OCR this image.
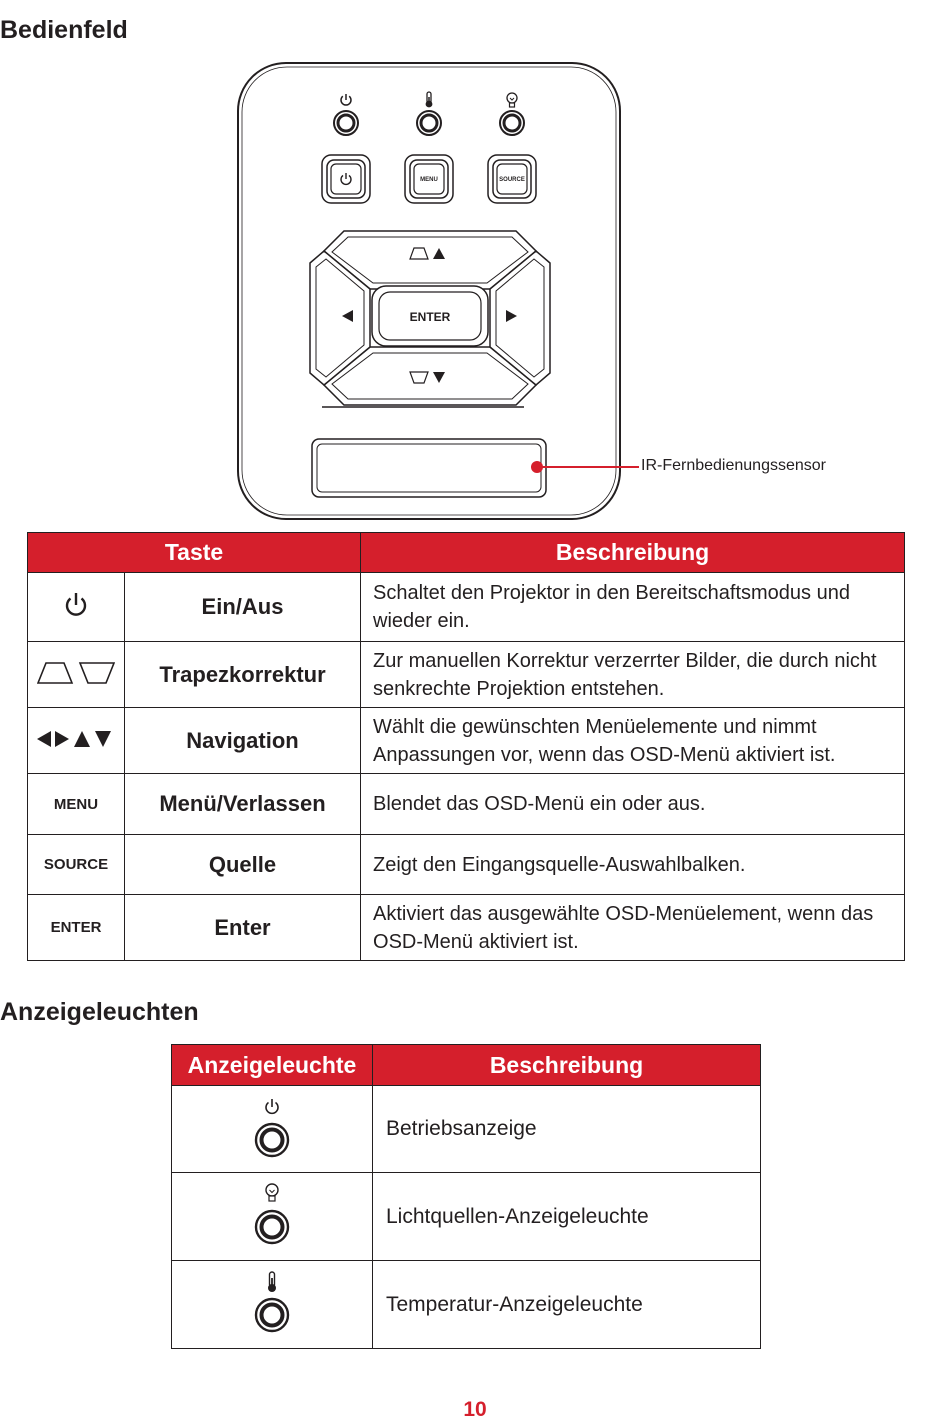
Bedienfeld
MENU	SOURCE
ENTER
IR-Fernbedienungssensor
Taste		Beschreibung
	Ein/Aus	Schaltet den Projektor in den Bereitschaftsmodus und wieder ein.
	Trapezkorrektur	Zur manuellen Korrektur verzerrter Bilder, die durch nicht senkrechte Projektion entstehen.
	Navigation	Wählt die gewünschten Menüelemente und nimmt Anpassungen vor, wenn das OSD-Menü aktiviert ist.
MENU	Menü/Verlassen	Blendet das OSD-Menü ein oder aus.
SOURCE	Quelle	Zeigt den Eingangsquelle-Auswahlbalken.
ENTER	Enter	Aktiviert das ausgewählte OSD-Menüelement, wenn das OSD-Menü aktiviert ist.
Anzeigeleuchten
Anzeigeleuchte	Beschreibung
	Betriebsanzeige
	Lichtquellen-Anzeigeleuchte
	Temperatur-Anzeigeleuchte
10
